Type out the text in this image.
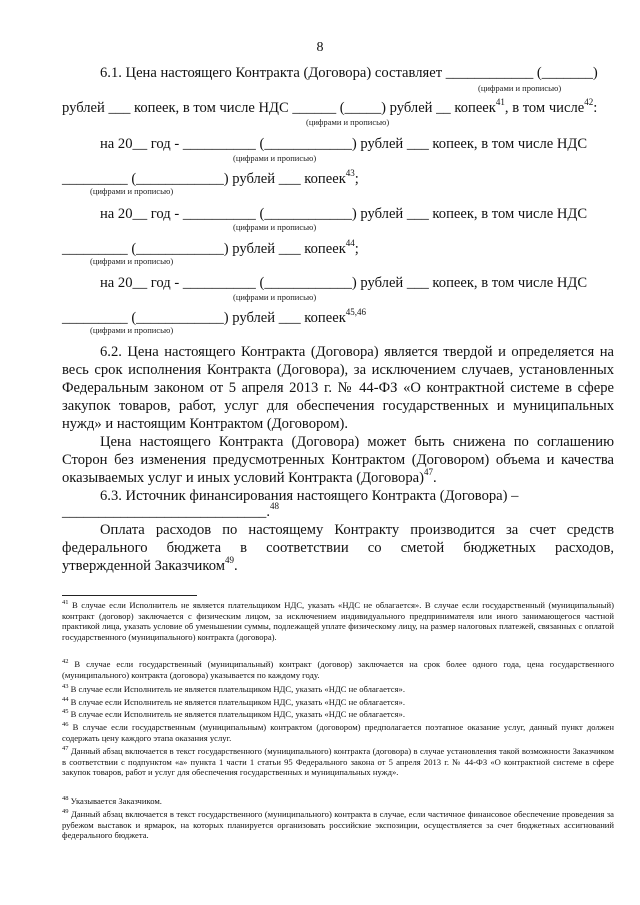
8
6.1. Цена настоящего Контракта (Договора) составляет ____________ (_______)
(цифрами и прописью)
рублей ___ копеек, в том числе НДС ______ (_____) рублей __ копеек$^{41}$, в том числе$^{42}$:
(цифрами и прописью)
на 20__ год - __________ (____________) рублей ___ копеек, в том числе НДС
(цифрами и прописью)
_________ (____________) рублей ___ копеек$^{43}$;
(цифрами и прописью)
на 20__ год - __________ (____________) рублей ___ копеек, в том числе НДС
(цифрами и прописью)
_________ (____________) рублей ___ копеек$^{44}$;
(цифрами и прописью)
на 20__ год - __________ (____________) рублей ___ копеек, в том числе НДС
(цифрами и прописью)
_________ (____________) рублей ___ копеек$^{45,46}$
(цифрами и прописью)
6.2. Цена настоящего Контракта (Договора) является твердой и определяется на
весь срок исполнения Контракта (Договора), за исключением случаев, установленных
Федеральным законом от 5 апреля 2013 г. № 44-ФЗ «О контрактной системе в сфере
закупок товаров, работ, услуг для обеспечения государственных и муниципальных
нужд» и настоящим Контрактом (Договором).
Цена настоящего Контракта (Договора) может быть снижена по соглашению
Сторон без изменения предусмотренных Контрактом (Договором) объема и качества
оказываемых услуг и иных условий Контракта (Договора)$^{47}$.
6.3. Источник финансирования настоящего Контракта (Договора) –
____________________________.$^{48}$
Оплата расходов по настоящему Контракту производится за счет средств
федерального бюджета в соответствии со сметой бюджетных расходов,
утвержденной Заказчиком$^{49}$.
$^{41}$ В случае если Исполнитель не является плательщиком НДС, указать «НДС не облагается». В случае если государственный (муниципальный) контракт (договор) заключается с физическим лицом, за исключением индивидуального предпринимателя или иного занимающегося частной практикой лица, указать условие об уменьшении суммы, подлежащей уплате физическому лицу, на размер налоговых платежей, связанных с оплатой государственного (муниципального) контракта (договора).
$^{42}$ В случае если государственный (муниципальный) контракт (договор) заключается на срок более одного года, цена государственного (муниципального) контракта (договора) указывается по каждому году.
$^{43}$ В случае если Исполнитель не является плательщиком НДС, указать «НДС не облагается».
$^{44}$ В случае если Исполнитель не является плательщиком НДС, указать «НДС не облагается».
$^{45}$ В случае если Исполнитель не является плательщиком НДС, указать «НДС не облагается».
$^{46}$ В случае если государственным (муниципальным) контрактом (договором) предполагается поэтапное оказание услуг, данный пункт должен содержать цену каждого этапа оказания услуг.
$^{47}$ Данный абзац включается в текст государственного (муниципального) контракта (договора) в случае установления такой возможности Заказчиком в соответствии с подпунктом «а» пункта 1 части 1 статьи 95 Федерального закона от 5 апреля 2013 г. № 44-ФЗ «О контрактной системе в сфере закупок товаров, работ и услуг для обеспечения государственных и муниципальных нужд».
$^{48}$ Указывается Заказчиком.
$^{49}$ Данный абзац включается в текст государственного (муниципального) контракта в случае, если частичное финансовое обеспечение проведения за рубежом выставок и ярмарок, на которых планируется организовать российские экспозиции, осуществляется за счет бюджетных ассигнований федерального бюджета.
